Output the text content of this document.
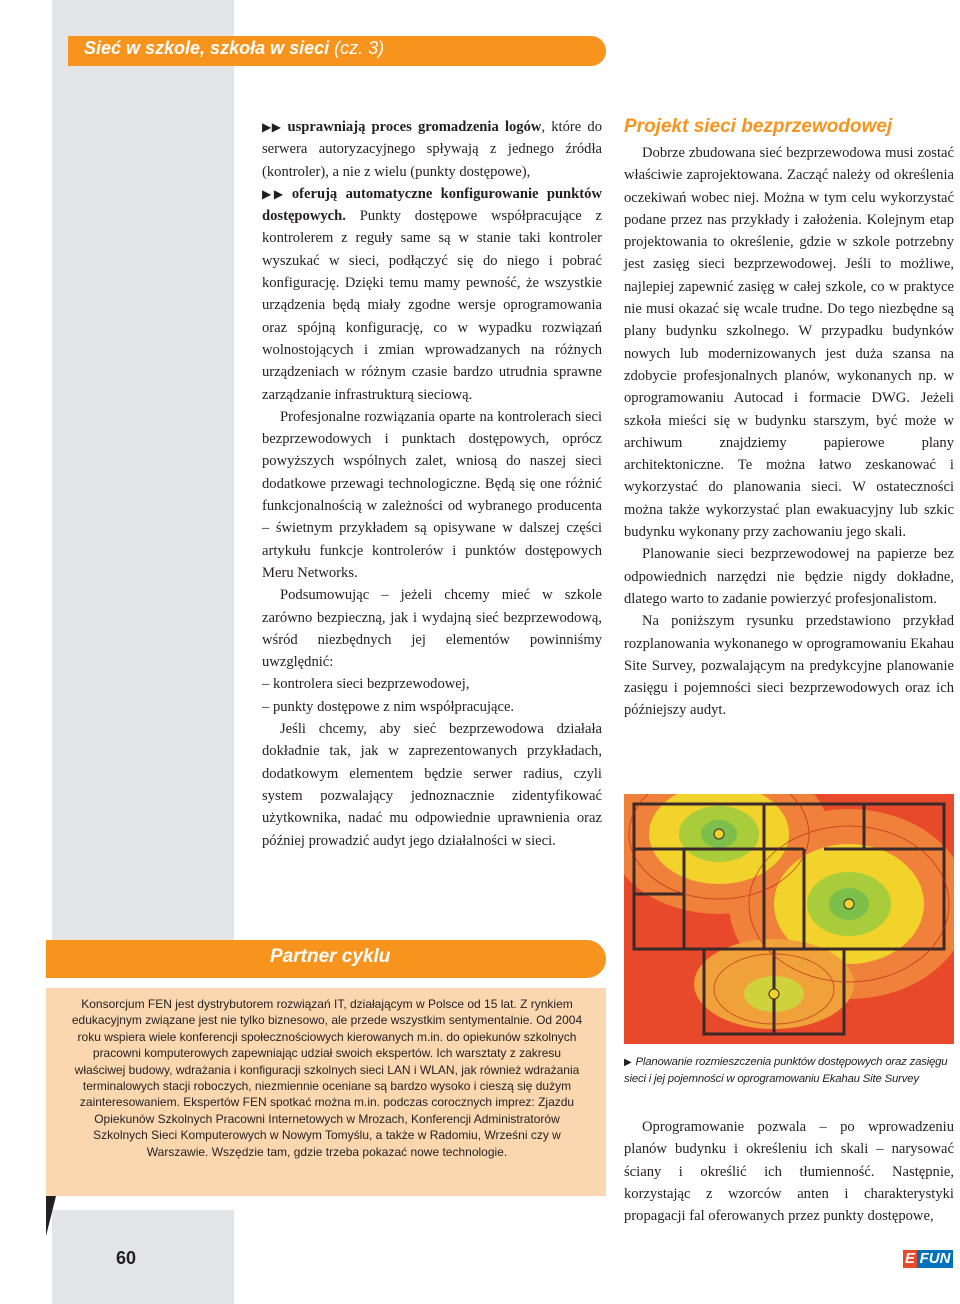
Sieć w szkole, szkoła w sieci (cz. 3)

▶▶ usprawniają proces gromadzenia logów, które do serwera autoryzacyjnego spływają z jednego źródła (kontroler), a nie z wielu (punkty dostępowe),

▶▶ oferują automatyczne konfigurowanie punktów dostępowych. Punkty dostępowe współpracujące z kontrolerem z reguły same są w stanie taki kontroler wyszukać w sieci, podłączyć się do niego i pobrać konfigurację. Dzięki temu mamy pewność, że wszystkie urządzenia będą miały zgodne wersje oprogramowania oraz spójną konfigurację, co w wypadku rozwiązań wolnostojących i zmian wprowadzanych na różnych urządzeniach w różnym czasie bardzo utrudnia sprawne zarządzanie infrastrukturą sieciową.

Profesjonalne rozwiązania oparte na kontrolerach sieci bezprzewodowych i punktach dostępowych, oprócz powyższych wspólnych zalet, wniosą do naszej sieci dodatkowe przewagi technologiczne. Będą się one różnić funkcjonalnością w zależności od wybranego producenta – świetnym przykładem są opisywane w dalszej części artykułu funkcje kontrolerów i punktów dostępowych Meru Networks.

Podsumowując – jeżeli chcemy mieć w szkole zarówno bezpieczną, jak i wydajną sieć bezprzewodową, wśród niezbędnych jej elementów powinniśmy uwzględnić:

– kontrolera sieci bezprzewodowej,

– punkty dostępowe z nim współpracujące.

Jeśli chcemy, aby sieć bezprzewodowa działała dokładnie tak, jak w zaprezentowanych przykładach, dodatkowym elementem będzie serwer radius, czyli system pozwalający jednoznacznie zidentyfikować użytkownika, nadać mu odpowiednie uprawnienia oraz później prowadzić audyt jego działalności w sieci.

Projekt sieci bezprzewodowej

Dobrze zbudowana sieć bezprzewodowa musi zostać właściwie zaprojektowana. Zacząć należy od określenia oczekiwań wobec niej. Można w tym celu wykorzystać podane przez nas przykłady i założenia. Kolejnym etap projektowania to określenie, gdzie w szkole potrzebny jest zasięg sieci bezprzewodowej. Jeśli to możliwe, najlepiej zapewnić zasięg w całej szkole, co w praktyce nie musi okazać się wcale trudne. Do tego niezbędne są plany budynku szkolnego. W przypadku budynków nowych lub modernizowanych jest duża szansa na zdobycie profesjonalnych planów, wykonanych np. w oprogramowaniu Autocad i formacie DWG. Jeżeli szkoła mieści się w budynku starszym, być może w archiwum znajdziemy papierowe plany architektoniczne. Te można łatwo zeskanować i wykorzystać do planowania sieci. W ostateczności można także wykorzystać plan ewakuacyjny lub szkic budynku wykonany przy zachowaniu jego skali.

Planowanie sieci bezprzewodowej na papierze bez odpowiednich narzędzi nie będzie nigdy dokładne, dlatego warto to zadanie powierzyć profesjonalistom.

Na poniższym rysunku przedstawiono przykład rozplanowania wykonanego w oprogramowaniu Ekahau Site Survey, pozwalającym na predykcyjne planowanie zasięgu i pojemności sieci bezprzewodowych oraz ich późniejszy audyt.

▶ Planowanie rozmieszczenia punktów dostępowych oraz zasięgu sieci i jej pojemności w oprogramowaniu Ekahau Site Survey

Oprogramowanie pozwala – po wprowadzeniu planów budynku i określeniu ich skali – narysować ściany i określić ich tłumienność. Następnie, korzystając z wzorców anten i charakterystyki propagacji fal oferowanych przez punkty dostępowe,

Partner cyklu
Konsorcjum FEN jest dystrybutorem rozwiązań IT, działającym w Polsce od 15 lat. Z rynkiem edukacyjnym związane jest nie tylko biznesowo, ale przede wszystkim sentymentalnie. Od 2004 roku wspiera wiele konferencji społecznościowych kierowanych m.in. do opiekunów szkolnych pracowni komputerowych zapewniając udział swoich ekspertów. Ich warsztaty z zakresu właściwej budowy, wdrażania i konfiguracji szkolnych sieci LAN i WLAN, jak również wdrażania terminalowych stacji roboczych, niezmiennie oceniane są bardzo wysoko i cieszą się dużym zainteresowaniem. Ekspertów FEN spotkać można m.in. podczas corocznych imprez: Zjazdu Opiekunów Szkolnych Pracowni Internetowych w Mrozach, Konferencji Administratorów Szkolnych Sieci Komputerowych w Nowym Tomyślu, a także w Radomiu, Wrześni czy w Warszawie. Wszędzie tam, gdzie trzeba pokazać nowe technologie.
60	E FUN
